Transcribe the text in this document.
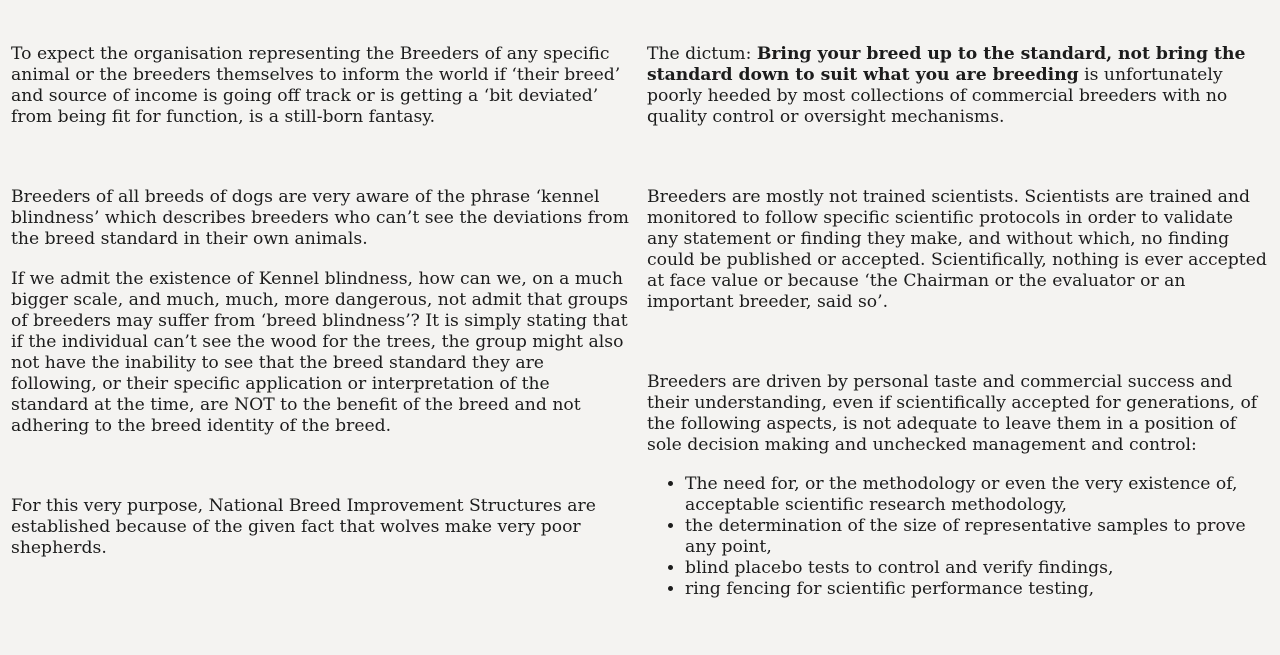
To expect the organisation representing the Breeders of any specific animal or the breeders themselves to inform the world if ‘their breed’ and source of income is going off track or is getting a ‘bit deviated’ from being fit for function, is a still-born fantasy.

Breeders of all breeds of dogs are very aware of the phrase ‘kennel blindness’ which describes breeders who can’t see the deviations from the breed standard in their own animals.

If we admit the existence of Kennel blindness, how can we, on a much bigger scale, and much, much, more dangerous, not admit that groups of breeders may suffer from ‘breed blindness’? It is simply stating that if the individual can’t see the wood for the trees, the group might also not have the inability to see that the breed standard they are following, or their specific application or interpretation of the standard at the time, are NOT to the benefit of the breed and not adhering to the breed identity of the breed.

For this very purpose, National Breed Improvement Structures are established because of the given fact that wolves make very poor shepherds.

The dictum: Bring your breed up to the standard, not bring the standard down to suit what you are breeding is unfortunately poorly heeded by most collections of commercial breeders with no quality control or oversight mechanisms.

Breeders are mostly not trained scientists. Scientists are trained and monitored to follow specific scientific protocols in order to validate any statement or finding they make, and without which, no finding could be published or accepted. Scientifically, nothing is ever accepted at face value or because ‘the Chairman or the evaluator or an important breeder, said so’.

Breeders are driven by personal taste and commercial success and their understanding, even if scientifically accepted for generations, of the following aspects, is not adequate to leave them in a position of sole decision making and unchecked management and control:

• The need for, or the methodology or even the very existence of, acceptable scientific research methodology,
• the determination of the size of representative samples to prove any point,
• blind placebo tests to control and verify findings,
• ring fencing for scientific performance testing,
